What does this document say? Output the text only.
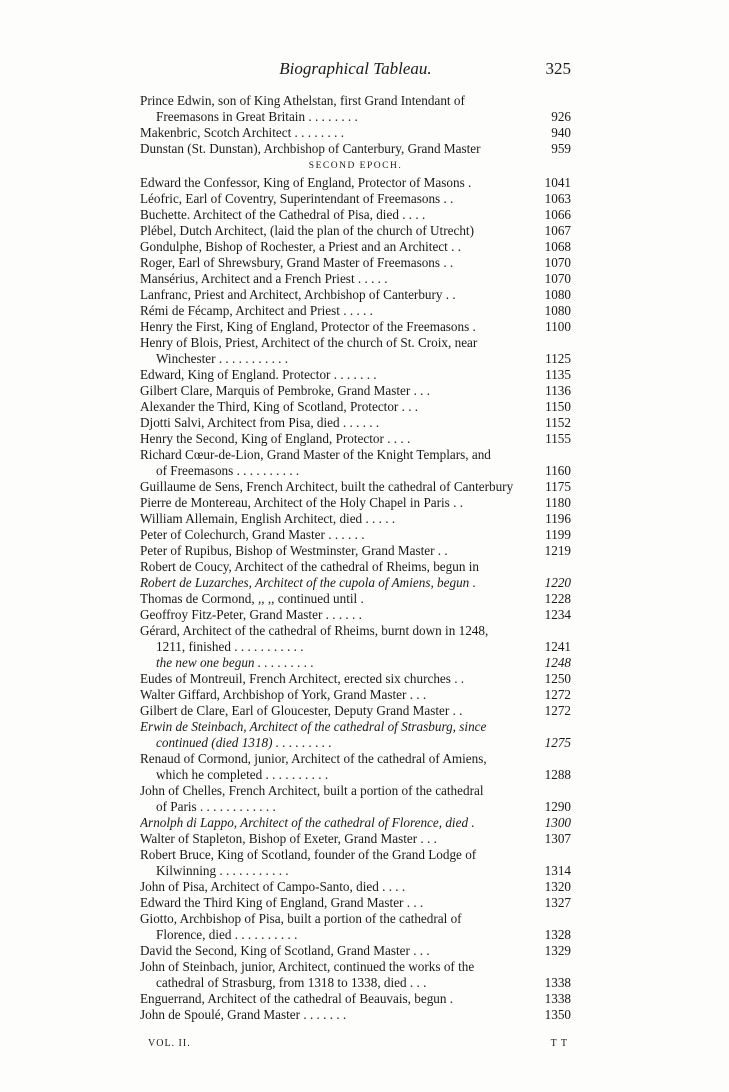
Biographical Tableau.	325
Prince Edwin, son of King Athelstan, first Grand Intendant of
Freemasons in Great Britain . . . . . . . .	926
Makenbric, Scotch Architect . . . . . . . .	940
Dunstan (St. Dunstan), Archbishop of Canterbury, Grand Master	959
SECOND EPOCH.
Edward the Confessor, King of England, Protector of Masons .	1041
Léofric, Earl of Coventry, Superintendant of Freemasons . .	1063
Buchette. Architect of the Cathedral of Pisa, died . . . .	1066
Plébel, Dutch Architect, (laid the plan of the church of Utrecht)	1067
Gondulphe, Bishop of Rochester, a Priest and an Architect . .	1068
Roger, Earl of Shrewsbury, Grand Master of Freemasons . .	1070
Mansérius, Architect and a French Priest . . . . .	1070
Lanfranc, Priest and Architect, Archbishop of Canterbury . .	1080
Rémi de Fécamp, Architect and Priest . . . . .	1080
Henry the First, King of England, Protector of the Freemasons .	1100
Henry of Blois, Priest, Architect of the church of St. Croix, near
Winchester . . . . . . . . . . .	1125
Edward, King of England. Protector . . . . . . .	1135
Gilbert Clare, Marquis of Pembroke, Grand Master . . .	1136
Alexander the Third, King of Scotland, Protector . . .	1150
Djotti Salvi, Architect from Pisa, died . . . . . .	1152
Henry the Second, King of England, Protector . . . .	1155
Richard Cœur-de-Lion, Grand Master of the Knight Templars, and
of Freemasons . . . . . . . . . .	1160
Guillaume de Sens, French Architect, built the cathedral of Canterbury	1175
Pierre de Montereau, Architect of the Holy Chapel in Paris . .	1180
William Allemain, English Architect, died . . . . .	1196
Peter of Colechurch, Grand Master . . . . . .	1199
Peter of Rupibus, Bishop of Westminster, Grand Master . .	1219
Robert de Coucy, Architect of the cathedral of Rheims, begun in
Robert de Luzarches, Architect of the cupola of Amiens, begun .	1220
Thomas de Cormond, ,, ,, continued until .	1228
Geoffroy Fitz-Peter, Grand Master . . . . . .	1234
Gérard, Architect of the cathedral of Rheims, burnt down in 1248,
1211, finished . . . . . . . . . . .	1241
the new one begun . . . . . . . . .	1248
Eudes of Montreuil, French Architect, erected six churches . .	1250
Walter Giffard, Archbishop of York, Grand Master . . .	1272
Gilbert de Clare, Earl of Gloucester, Deputy Grand Master . .	1272
Erwin de Steinbach, Architect of the cathedral of Strasburg, since
continued (died 1318) . . . . . . . . .	1275
Renaud of Cormond, junior, Architect of the cathedral of Amiens,
which he completed . . . . . . . . . .	1288
John of Chelles, French Architect, built a portion of the cathedral
of Paris . . . . . . . . . . . .	1290
Arnolph di Lappo, Architect of the cathedral of Florence, died .	1300
Walter of Stapleton, Bishop of Exeter, Grand Master . . .	1307
Robert Bruce, King of Scotland, founder of the Grand Lodge of
Kilwinning . . . . . . . . . . .	1314
John of Pisa, Architect of Campo-Santo, died . . . .	1320
Edward the Third King of England, Grand Master . . .	1327
Giotto, Archbishop of Pisa, built a portion of the cathedral of
Florence, died . . . . . . . . . .	1328
David the Second, King of Scotland, Grand Master . . .	1329
John of Steinbach, junior, Architect, continued the works of the
cathedral of Strasburg, from 1318 to 1338, died . . .	1338
Enguerrand, Architect of the cathedral of Beauvais, begun .	1338
John de Spoulé, Grand Master . . . . . . .	1350
VOL. II.	T T
